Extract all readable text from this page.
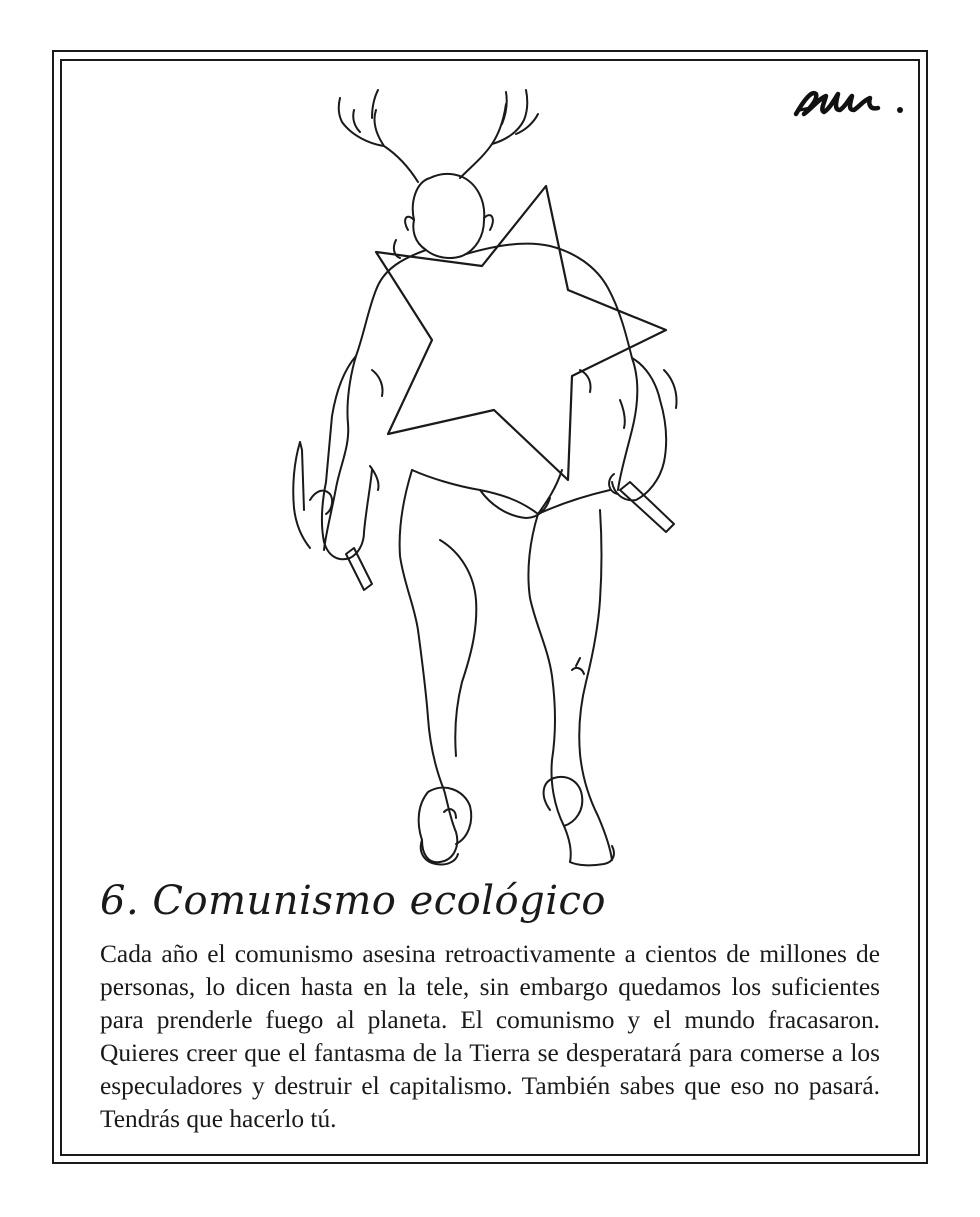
6. Comunismo ecológico

Cada año el comunismo asesina retroactivamente a cientos de millones de personas, lo dicen hasta en la tele, sin embargo quedamos los suficientes para prenderle fuego al planeta. El comunismo y el mundo fracasaron. Quieres creer que el fantasma de la Tierra se desperatará para comerse a los especuladores y destruir el capitalismo. También sabes que eso no pasará. Tendrás que hacerlo tú.
